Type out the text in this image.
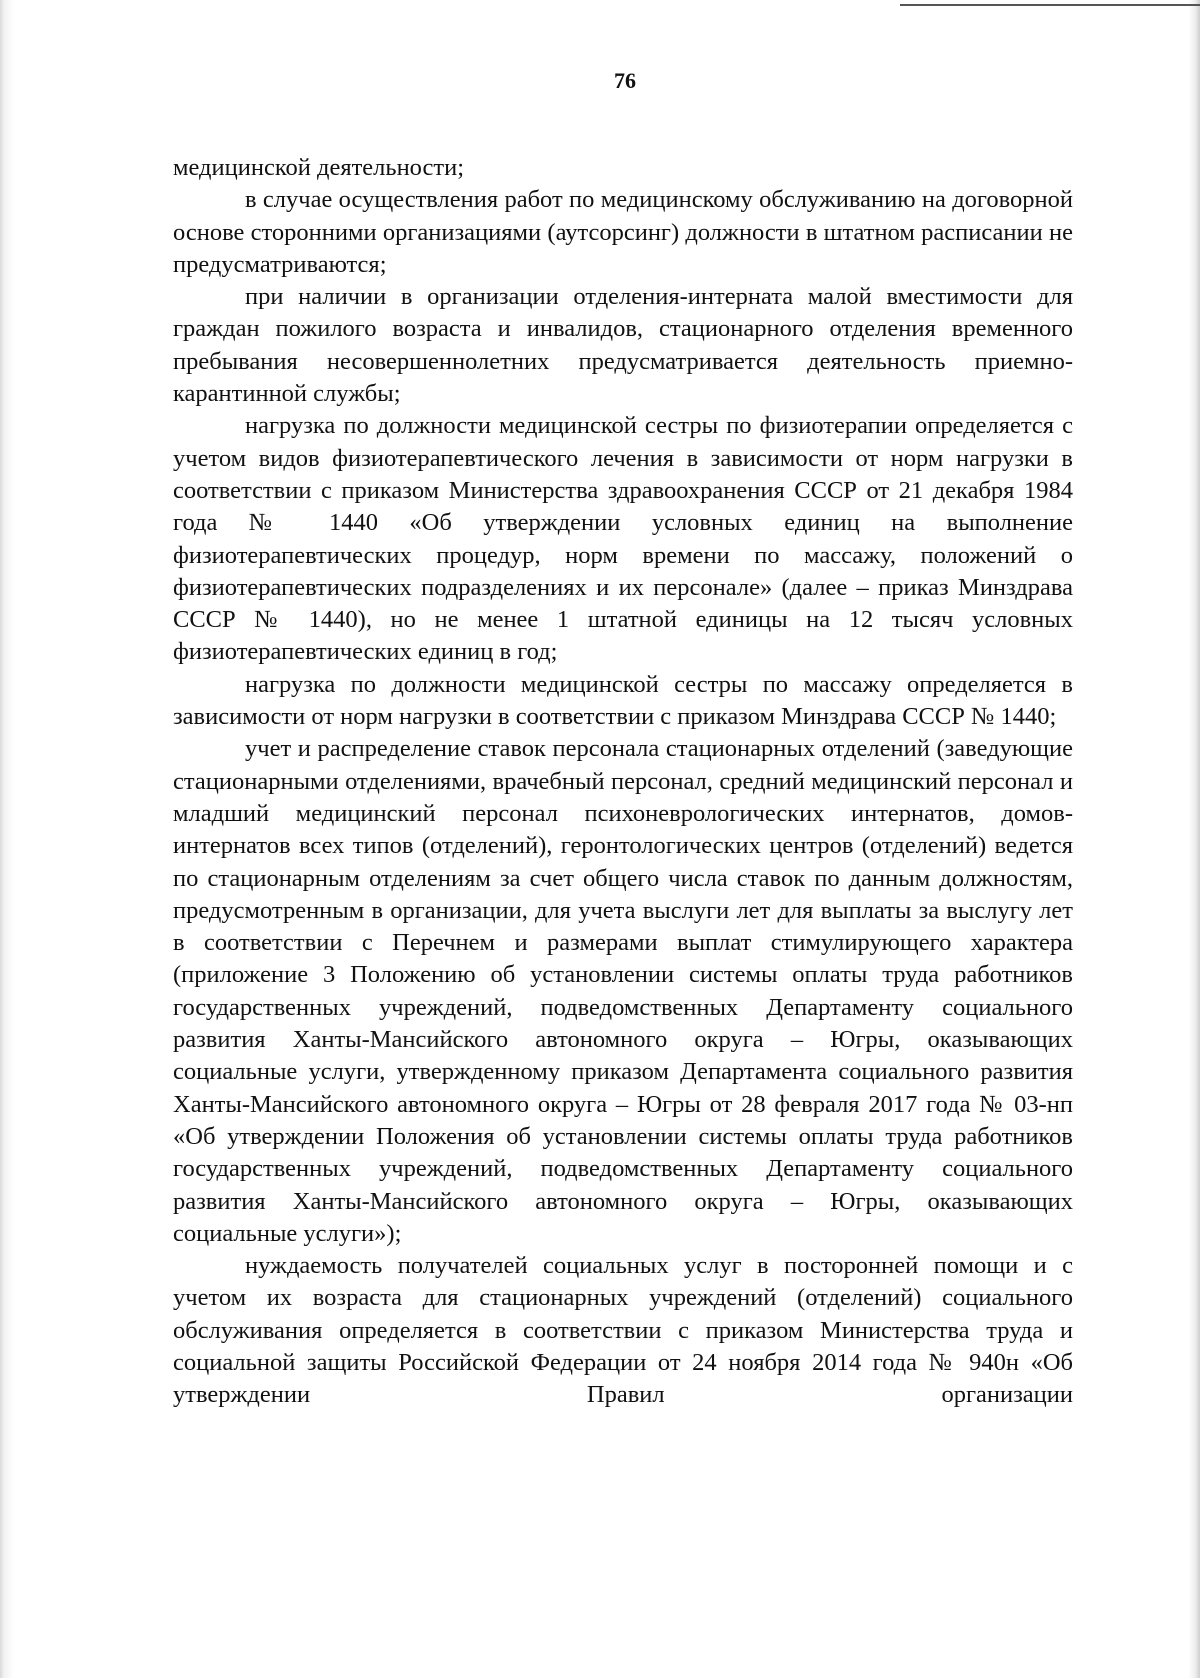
76

медицинской деятельности;

в случае осуществления работ по медицинскому обслуживанию на договорной основе сторонними организациями (аутсорсинг) должности в штатном расписании не предусматриваются;

при наличии в организации отделения-интерната малой вместимости для граждан пожилого возраста и инвалидов, стационарного отделения временного пребывания несовершеннолетних предусматривается деятельность приемно-карантинной службы;

нагрузка по должности медицинской сестры по физиотерапии определяется с учетом видов физиотерапевтического лечения в зависимости от норм нагрузки в соответствии с приказом Министерства здравоохранения СССР от 21 декабря 1984 года № 1440 «Об утверждении условных единиц на выполнение физиотерапевтических процедур, норм времени по массажу, положений о физиотерапевтических подразделениях и их персонале» (далее – приказ Минздрава СССР № 1440), но не менее 1 штатной единицы на 12 тысяч условных физиотерапевтических единиц в год;

нагрузка по должности медицинской сестры по массажу определяется в зависимости от норм нагрузки в соответствии с приказом Минздрава СССР № 1440;

учет и распределение ставок персонала стационарных отделений (заведующие стационарными отделениями, врачебный персонал, средний медицинский персонал и младший медицинский персонал психоневрологических интернатов, домов-интернатов всех типов (отделений), геронтологических центров (отделений) ведется по стационарным отделениям за счет общего числа ставок по данным должностям, предусмотренным в организации, для учета выслуги лет для выплаты за выслугу лет в соответствии с Перечнем и размерами выплат стимулирующего характера (приложение 3 Положению об установлении системы оплаты труда работников государственных учреждений, подведомственных Департаменту социального развития Ханты-Мансийского автономного округа – Югры, оказывающих социальные услуги, утвержденному приказом Департамента социального развития Ханты-Мансийского автономного округа – Югры от 28 февраля 2017 года № 03-нп «Об утверждении Положения об установлении системы оплаты труда работников государственных учреждений, подведомственных Департаменту социального развития Ханты-Мансийского автономного округа – Югры, оказывающих социальные услуги»);

нуждаемость получателей социальных услуг в посторонней помощи и с учетом их возраста для стационарных учреждений (отделений) социального обслуживания определяется в соответствии с приказом Министерства труда и социальной защиты Российской Федерации от 24 ноября 2014 года № 940н «Об утверждении Правил организации
